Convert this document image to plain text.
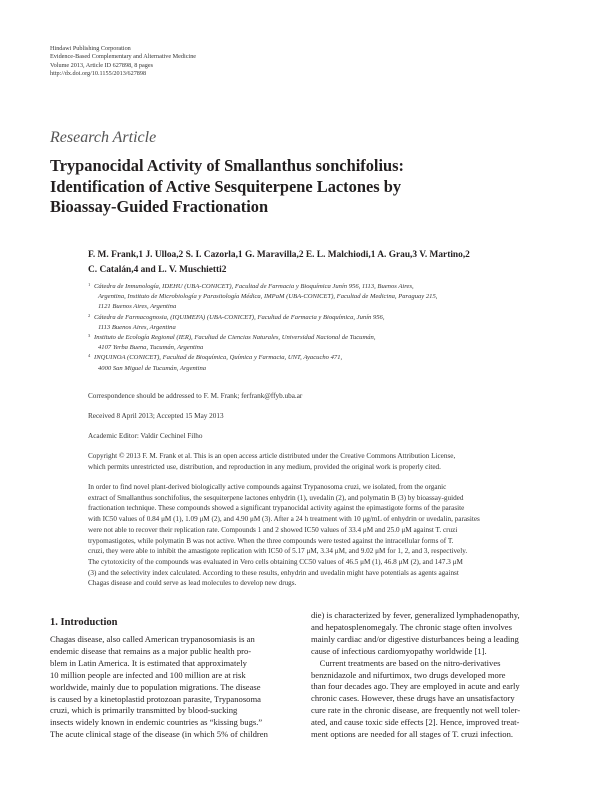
Hindawi Publishing Corporation
Evidence-Based Complementary and Alternative Medicine
Volume 2013, Article ID 627898, 8 pages
http://dx.doi.org/10.1155/2013/627898
Research Article
Trypanocidal Activity of Smallanthus sonchifolius:
Identification of Active Sesquiterpene Lactones by
Bioassay-Guided Fractionation
F. M. Frank,1 J. Ulloa,2 S. I. Cazorla,1 G. Maravilla,2 E. L. Malchiodi,1 A. Grau,3 V. Martino,2
C. Catalán,4 and L. V. Muschietti2
1 Cátedra de Inmunología, IDEHU (UBA-CONICET), Facultad de Farmacia y Bioquímica Junín 956, 1113, Buenos Aires,
Argentina, Instituto de Microbiología y Parasitología Médica, IMPaM (UBA-CONICET), Facultad de Medicina, Paraguay 215,
1121 Buenos Aires, Argentina
2 Cátedra de Farmacognosia, (IQUIMEFA) (UBA-CONICET), Facultad de Farmacia y Bioquímica, Junín 956,
1113 Buenos Aires, Argentina
3 Instituto de Ecología Regional (IER), Facultad de Ciencias Naturales, Universidad Nacional de Tucumán,
4107 Yerba Buena, Tucumán, Argentina
4 INQUINOA (CONICET), Facultad de Bioquímica, Química y Farmacia, UNT, Ayacucho 471,
4000 San Miguel de Tucumán, Argentina
Correspondence should be addressed to F. M. Frank; ferfrank@ffyb.uba.ar
Received 8 April 2013; Accepted 15 May 2013
Academic Editor: Valdir Cechinel Filho
Copyright © 2013 F. M. Frank et al. This is an open access article distributed under the Creative Commons Attribution License,
which permits unrestricted use, distribution, and reproduction in any medium, provided the original work is properly cited.
In order to find novel plant-derived biologically active compounds against Trypanosoma cruzi, we isolated, from the organic
extract of Smallanthus sonchifolius, the sesquiterpene lactones enhydrin (1), uvedalin (2), and polymatin B (3) by bioassay-guided
fractionation technique. These compounds showed a significant trypanocidal activity against the epimastigote forms of the parasite
with IC50 values of 0.84 μM (1), 1.09 μM (2), and 4.90 μM (3). After a 24 h treatment with 10 μg/mL of enhydrin or uvedalin, parasites
were not able to recover their replication rate. Compounds 1 and 2 showed IC50 values of 33.4 μM and 25.0 μM against T. cruzi
trypomastigotes, while polymatin B was not active. When the three compounds were tested against the intracellular forms of T.
cruzi, they were able to inhibit the amastigote replication with IC50 of 5.17 μM, 3.34 μM, and 9.02 μM for 1, 2, and 3, respectively.
The cytotoxicity of the compounds was evaluated in Vero cells obtaining CC50 values of 46.5 μM (1), 46.8 μM (2), and 147.3 μM
(3) and the selectivity index calculated. According to these results, enhydrin and uvedalin might have potentials as agents against
Chagas disease and could serve as lead molecules to develop new drugs.
1. Introduction
Chagas disease, also called American trypanosomiasis is an
endemic disease that remains as a major public health pro-
blem in Latin America. It is estimated that approximately
10 million people are infected and 100 million are at risk
worldwide, mainly due to population migrations. The disease
is caused by a kinetoplastid protozoan parasite, Trypanosoma
cruzi, which is primarily transmitted by blood-sucking
insects widely known in endemic countries as “kissing bugs.”
The acute clinical stage of the disease (in which 5% of children
die) is characterized by fever, generalized lymphadenopathy,
and hepatosplenomegaly. The chronic stage often involves
mainly cardiac and/or digestive disturbances being a leading
cause of infectious cardiomyopathy worldwide [1].
Current treatments are based on the nitro-derivatives
benznidazole and nifurtimox, two drugs developed more
than four decades ago. They are employed in acute and early
chronic cases. However, these drugs have an unsatisfactory
cure rate in the chronic disease, are frequently not well toler-
ated, and cause toxic side effects [2]. Hence, improved treat-
ment options are needed for all stages of T. cruzi infection.
